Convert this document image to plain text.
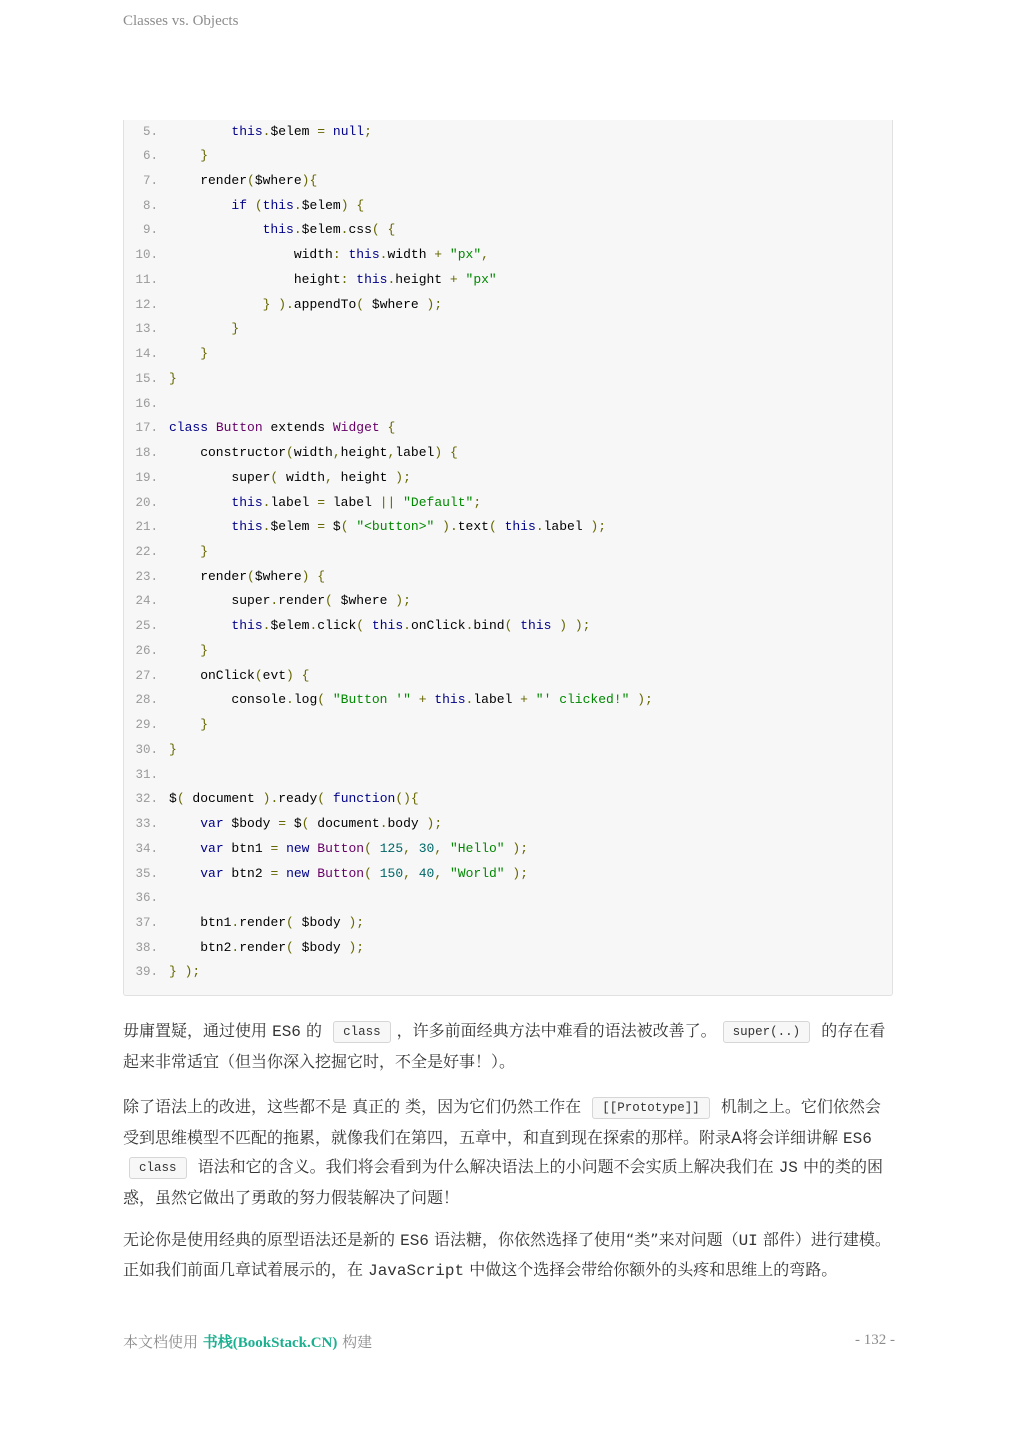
Classes vs. Objects
5.	this.$elem = null;
6.	}
7. render($where){
8.	if (this.$elem) {
9.	this.$elem.css( {
10. width: this.width + "px",
11. height: this.height + "px"
12.	} ).appendTo( $where );
13.	}
14.	}
15. }
16.
17. class Button extends Widget {
18. constructor(width,height,label) {
19. super( width, height );
20.	this.label = label || "Default";
21.	this.$elem = $( "<button>" ).text( this.label );
22.	}
23. render($where) {
24. super.render( $where );
25.	this.$elem.click( this.onClick.bind( this ) );
26.	}
27. onClick(evt) {
28. console.log( "Button '" + this.label + "' clicked!" );
29.	}
30. }
31.
32. $( document ).ready( function(){
33.	var $body = $( document.body );
34.	var btn1 = new Button( 125, 30, "Hello" );
35.	var btn2 = new Button( 150, 40, "World" );
36.
37. btn1.render( $body );
38. btn2.render( $body );
39. } );

毋庸置疑，通过使用 ES6 的 class ，许多前面经典方法中难看的语法被改善了。 super(..) 的存在看起来非常适宜（但当你深入挖掘它时，不全是好事！）。

除了语法上的改进，这些都不是 真正的 类，因为它们仍然工作在 [[Prototype]] 机制之上。它们依然会受到思维模型不匹配的拖累，就像我们在第四，五章中，和直到现在探索的那样。附录A将会详细讲解 ES6 class 语法和它的含义。我们将会看到为什么解决语法上的小问题不会实质上解决我们在 JS 中的类的困惑，虽然它做出了勇敢的努力假装解决了问题！

无论你是使用经典的原型语法还是新的 ES6 语法糖，你依然选择了使用“类”来对问题（UI 部件）进行建模。正如我们前面几章试着展示的，在 JavaScript 中做这个选择会带给你额外的头疼和思维上的弯路。

本文档使用 书栈(BookStack.CN) 构建	- 132 -
